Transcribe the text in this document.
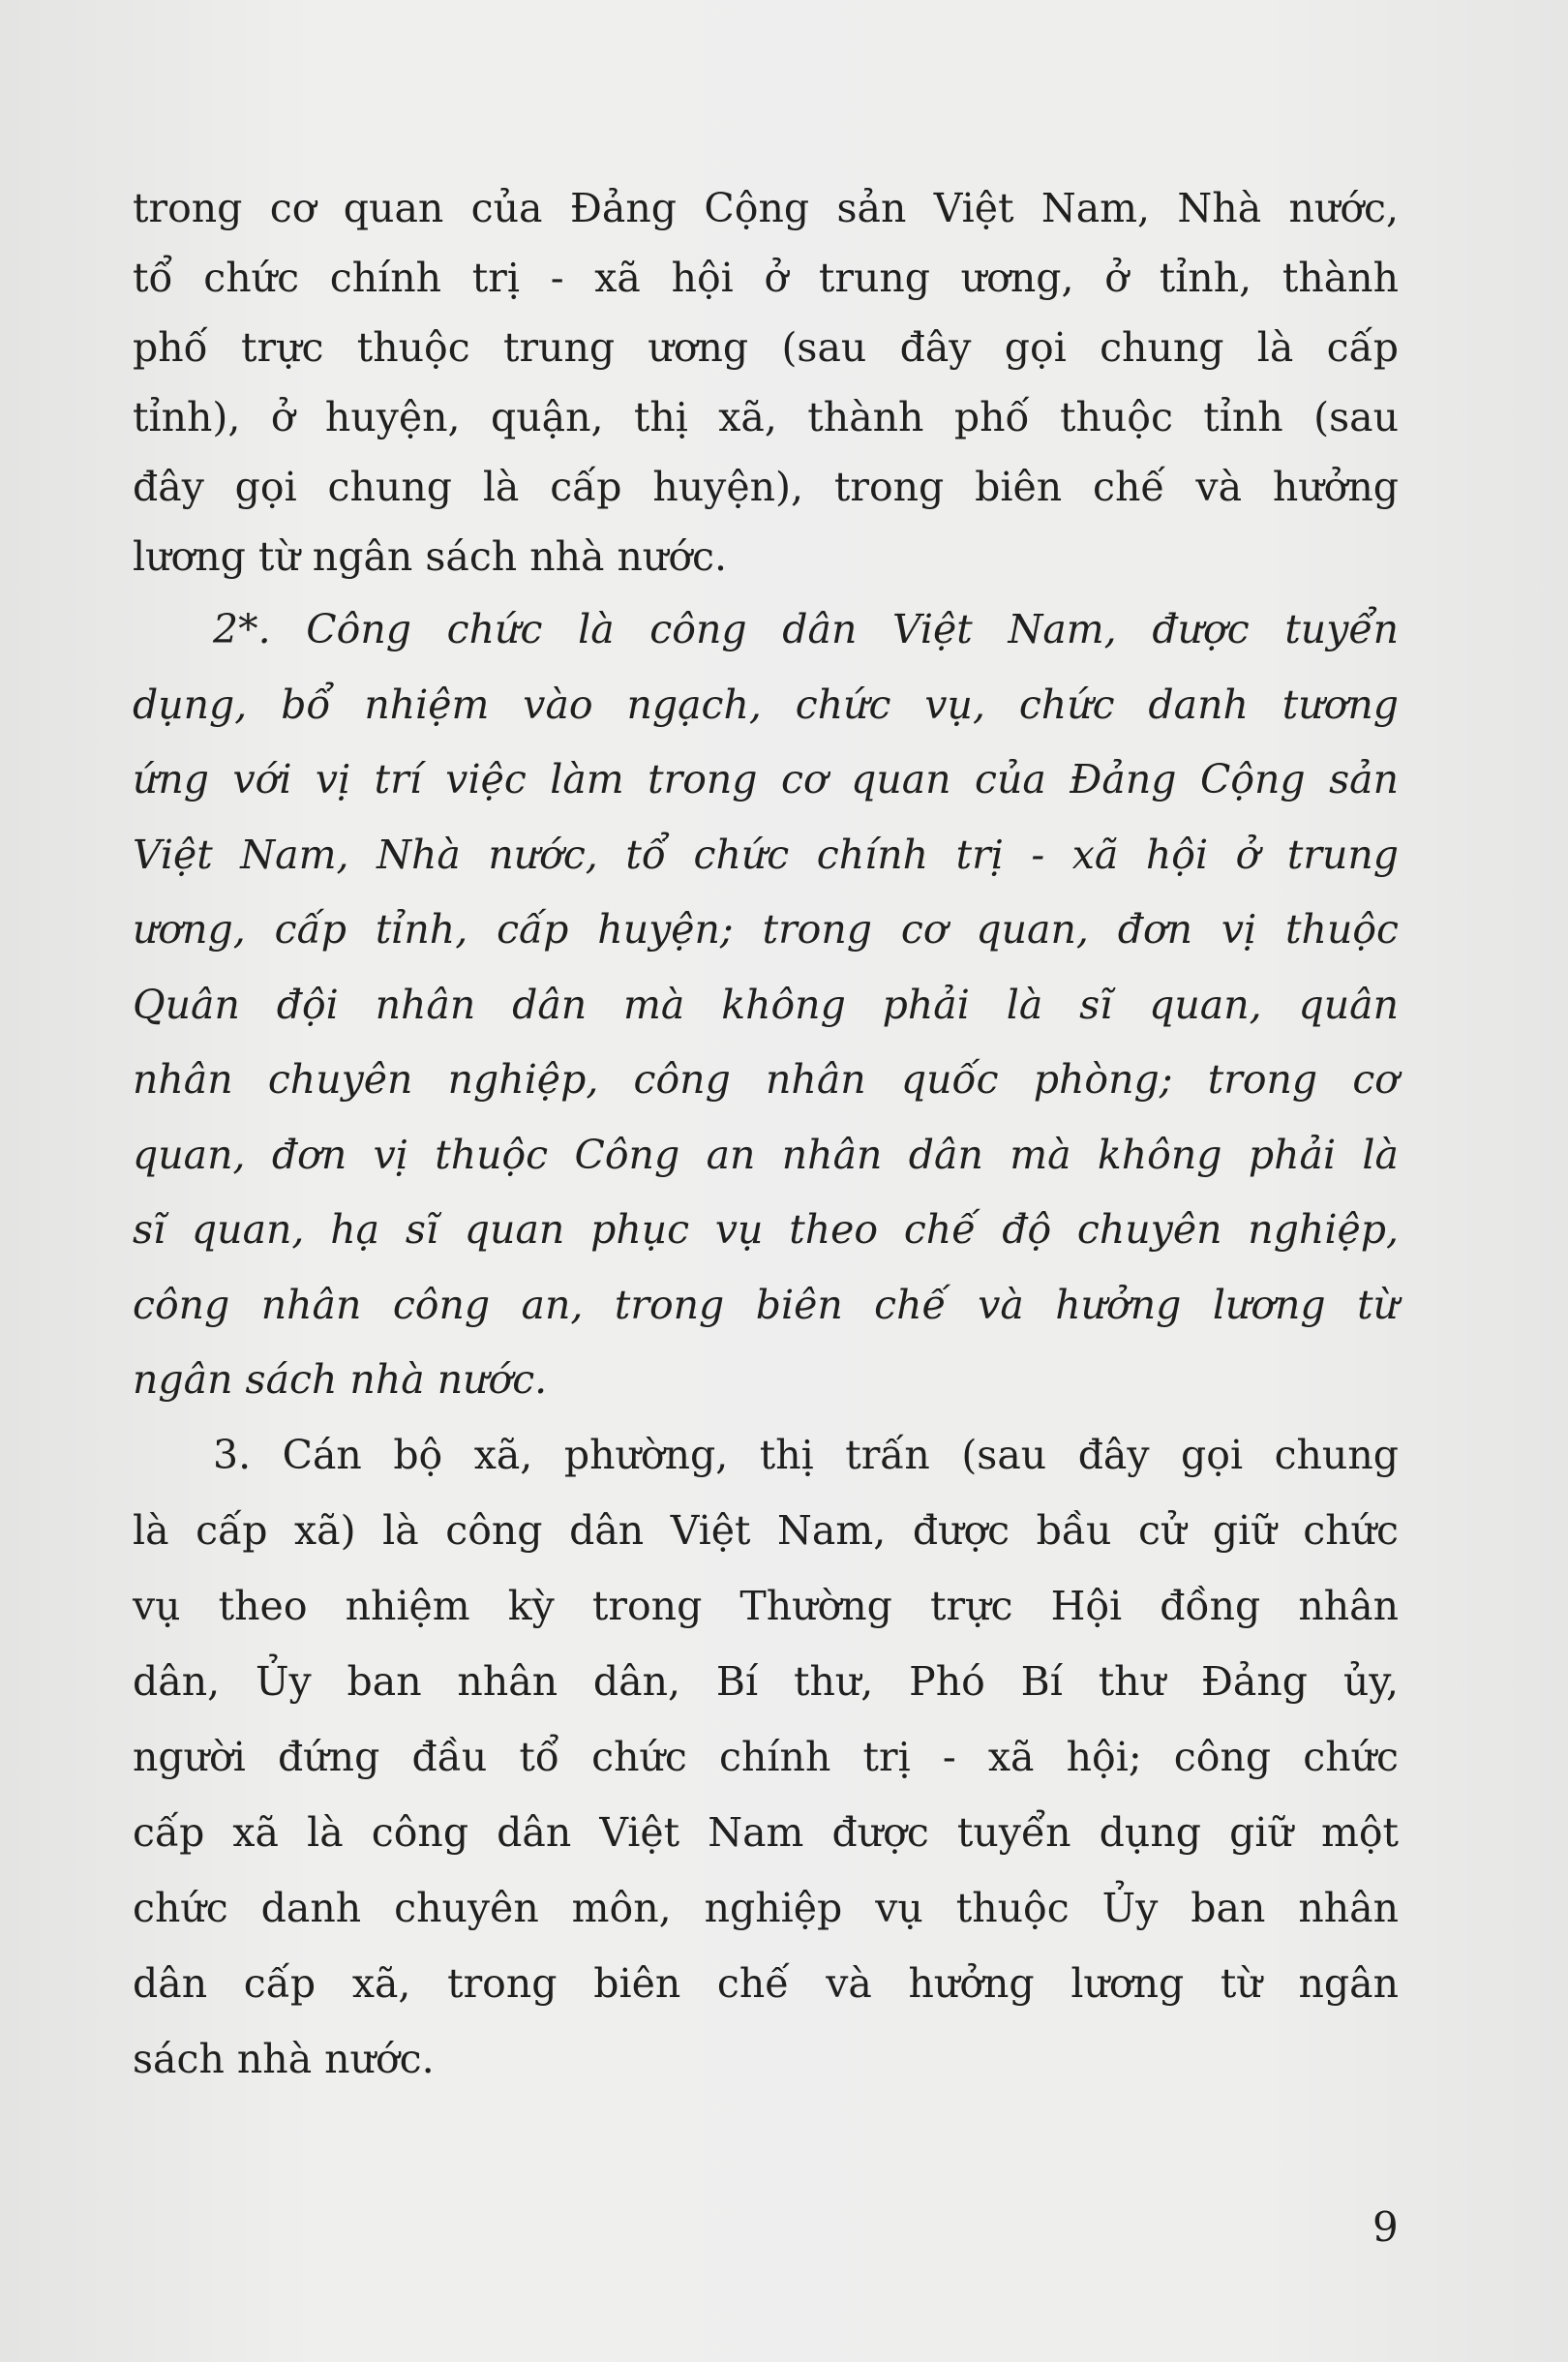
trong cơ quan của Đảng Cộng sản Việt Nam, Nhà nước,
tổ chức chính trị - xã hội ở trung ương, ở tỉnh, thành
phố trực thuộc trung ương (sau đây gọi chung là cấp
tỉnh), ở huyện, quận, thị xã, thành phố thuộc tỉnh (sau
đây gọi chung là cấp huyện), trong biên chế và hưởng
lương từ ngân sách nhà nước.
2*. Công chức là công dân Việt Nam, được tuyển
dụng, bổ nhiệm vào ngạch, chức vụ, chức danh tương
ứng với vị trí việc làm trong cơ quan của Đảng Cộng sản
Việt Nam, Nhà nước, tổ chức chính trị - xã hội ở trung
ương, cấp tỉnh, cấp huyện; trong cơ quan, đơn vị thuộc
Quân đội nhân dân mà không phải là sĩ quan, quân
nhân chuyên nghiệp, công nhân quốc phòng; trong cơ
quan, đơn vị thuộc Công an nhân dân mà không phải là
sĩ quan, hạ sĩ quan phục vụ theo chế độ chuyên nghiệp,
công nhân công an, trong biên chế và hưởng lương từ
ngân sách nhà nước.
3. Cán bộ xã, phường, thị trấn (sau đây gọi chung
là cấp xã) là công dân Việt Nam, được bầu cử giữ chức
vụ theo nhiệm kỳ trong Thường trực Hội đồng nhân
dân, Ủy ban nhân dân, Bí thư, Phó Bí thư Đảng ủy,
người đứng đầu tổ chức chính trị - xã hội; công chức
cấp xã là công dân Việt Nam được tuyển dụng giữ một
chức danh chuyên môn, nghiệp vụ thuộc Ủy ban nhân
dân cấp xã, trong biên chế và hưởng lương từ ngân
sách nhà nước.
9
